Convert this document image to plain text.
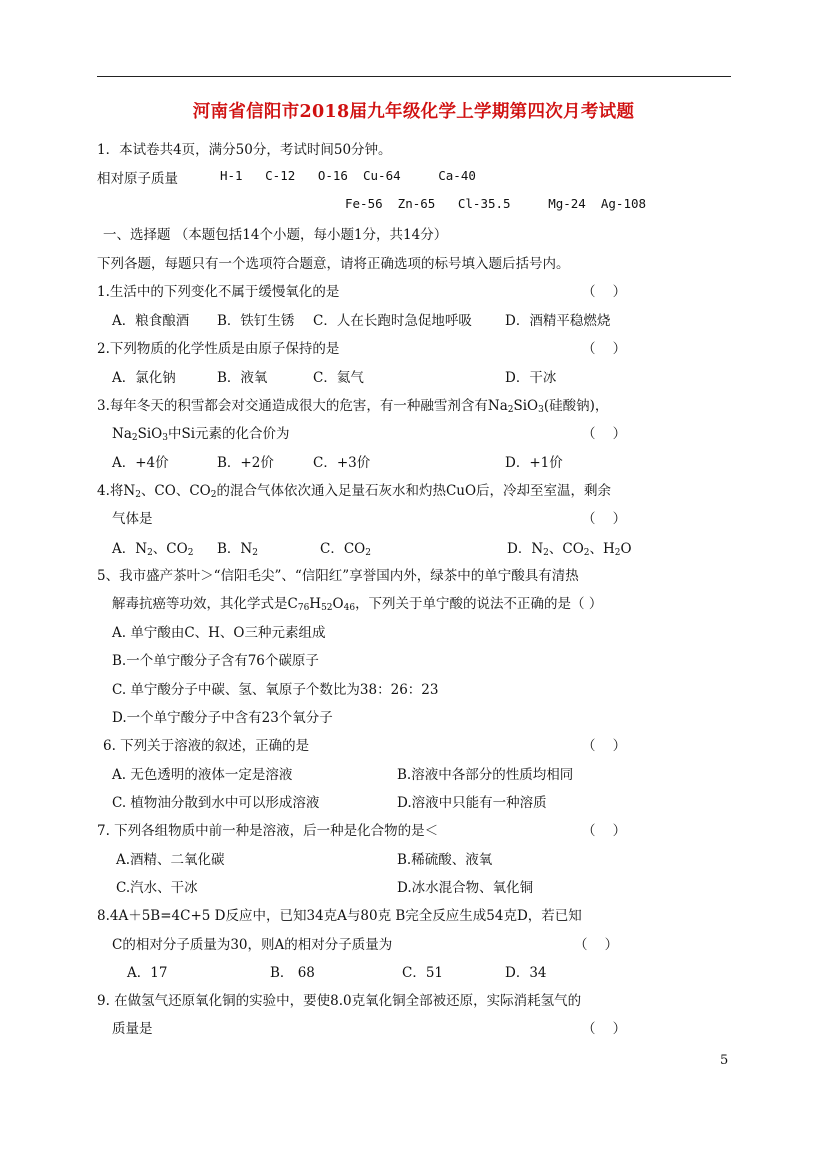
河南省信阳市2018届九年级化学上学期第四次月考试题
1．本试卷共4页，满分50分，考试时间50分钟。
相对原子质量	H-1   C-12   O-16  Cu-64     Ca-40
Fe-56  Zn-65   Cl-35.5     Mg-24  Ag-108
一、选择题 （本题包括14个小题，每小题1分，共14分）
下列各题，每题只有一个选项符合题意，请将正确选项的标号填入题后括号内。
1.生活中的下列变化不属于缓慢氧化的是	（    ）
A．粮食酿酒 B．铁钉生锈 C．人在长跑时急促地呼吸 D．酒精平稳燃烧
2.下列物质的化学性质是由原子保持的是	（    ）
A．氯化钠	B．液氧	C．氦气	D．干冰
3.每年冬天的积雪都会对交通造成很大的危害，有一种融雪剂含有$Na_2SiO_3$(硅酸钠)，
$Na_2SiO_3$中Si元素的化合价为	（    ）
A．+4价	B．+2价	C．+3价	D．+1价
4.将$N_2$、CO、$CO_2$的混合气体依次通入足量石灰水和灼热CuO后，冷却至室温，剩余
气体是	（    ）
A．$N_2$、$CO_2$ B．$N_2$	C．$CO_2$	D．$N_2$、$CO_2$、$H_2O$
5、我市盛产茶叶＞“信阳毛尖”、“信阳红”享誉国内外，绿茶中的单宁酸具有清热
解毒抗癌等功效，其化学式是$C_{76}H_{52}O_{46}$，下列关于单宁酸的说法不正确的是（ ）
A. 单宁酸由C、H、O三种元素组成
B.一个单宁酸分子含有76个碳原子
C. 单宁酸分子中碳、氢、氧原子个数比为38：26：23
D.一个单宁酸分子中含有23个氧分子
6. 下列关于溶液的叙述，正确的是	（    ）
A. 无色透明的液体一定是溶液	B.溶液中各部分的性质均相同
C. 植物油分散到水中可以形成溶液	D.溶液中只能有一种溶质
7. 下列各组物质中前一种是溶液，后一种是化合物的是＜	（    ）
A.酒精、二氧化碳	B.稀硫酸、液氧
C.汽水、干冰	D.冰水混合物、氧化铜
8.4A＋5B=4C+5 D反应中，已知34克A与80克 B完全反应生成54克D，若已知
C的相对分子质量为30，则A的相对分子质量为	（    ）
A．17	B． 68	C．51	D．34
9. 在做氢气还原氧化铜的实验中，要使8.0克氧化铜全部被还原，实际消耗氢气的
质量是	（    ）
5
